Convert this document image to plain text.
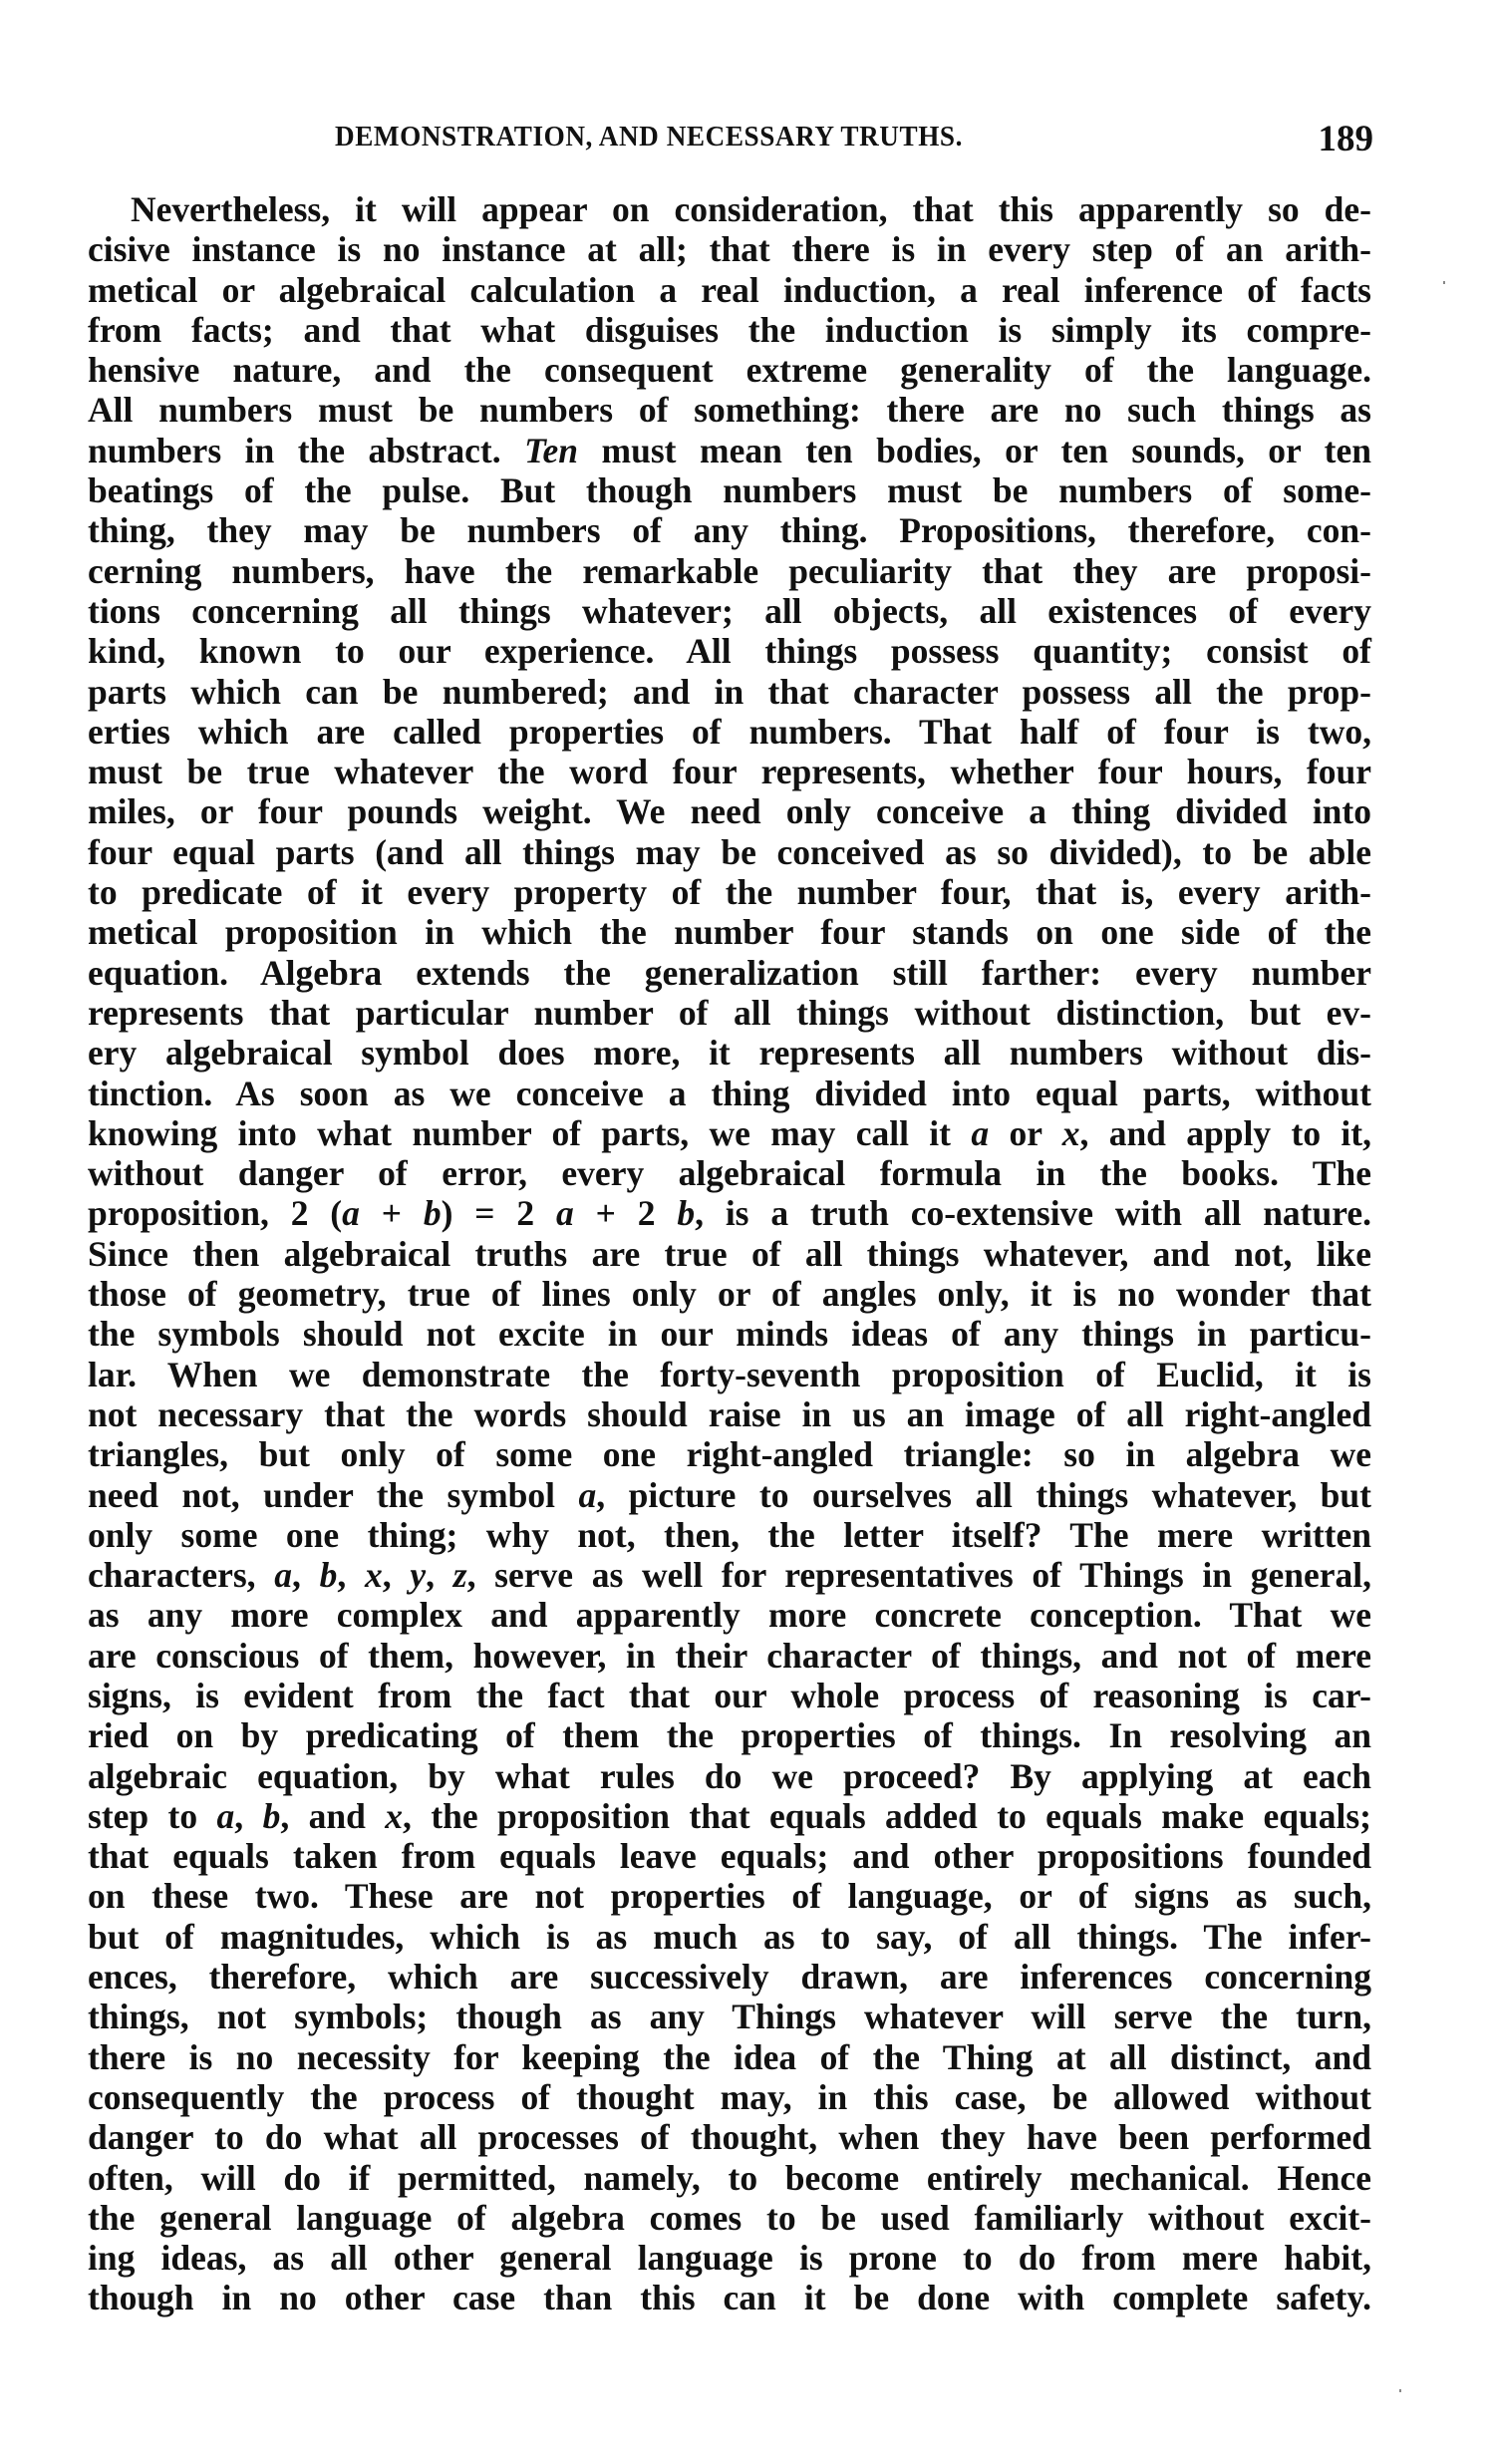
DEMONSTRATION, AND NECESSARY TRUTHS.	189
Nevertheless, it will appear on consideration, that this apparently so de-
cisive instance is no instance at all; that there is in every step of an arith-
metical or algebraical calculation a real induction, a real inference of facts
from facts; and that what disguises the induction is simply its compre-
hensive nature, and the consequent extreme generality of the language.
All numbers must be numbers of something: there are no such things as
numbers in the abstract. Ten must mean ten bodies, or ten sounds, or ten
beatings of the pulse. But though numbers must be numbers of some-
thing, they may be numbers of any thing. Propositions, therefore, con-
cerning numbers, have the remarkable peculiarity that they are proposi-
tions concerning all things whatever; all objects, all existences of every
kind, known to our experience. All things possess quantity; consist of
parts which can be numbered; and in that character possess all the prop-
erties which are called properties of numbers. That half of four is two,
must be true whatever the word four represents, whether four hours, four
miles, or four pounds weight. We need only conceive a thing divided into
four equal parts (and all things may be conceived as so divided), to be able
to predicate of it every property of the number four, that is, every arith-
metical proposition in which the number four stands on one side of the
equation. Algebra extends the generalization still farther: every number
represents that particular number of all things without distinction, but ev-
ery algebraical symbol does more, it represents all numbers without dis-
tinction. As soon as we conceive a thing divided into equal parts, without
knowing into what number of parts, we may call it a or x, and apply to it,
without danger of error, every algebraical formula in the books. The
proposition, 2 (a + b) = 2 a + 2 b, is a truth co-extensive with all nature.
Since then algebraical truths are true of all things whatever, and not, like
those of geometry, true of lines only or of angles only, it is no wonder that
the symbols should not excite in our minds ideas of any things in particu-
lar. When we demonstrate the forty-seventh proposition of Euclid, it is
not necessary that the words should raise in us an image of all right-angled
triangles, but only of some one right-angled triangle: so in algebra we
need not, under the symbol a, picture to ourselves all things whatever, but
only some one thing; why not, then, the letter itself? The mere written
characters, a, b, x, y, z, serve as well for representatives of Things in general,
as any more complex and apparently more concrete conception. That we
are conscious of them, however, in their character of things, and not of mere
signs, is evident from the fact that our whole process of reasoning is car-
ried on by predicating of them the properties of things. In resolving an
algebraic equation, by what rules do we proceed? By applying at each
step to a, b, and x, the proposition that equals added to equals make equals;
that equals taken from equals leave equals; and other propositions founded
on these two. These are not properties of language, or of signs as such,
but of magnitudes, which is as much as to say, of all things. The infer-
ences, therefore, which are successively drawn, are inferences concerning
things, not symbols; though as any Things whatever will serve the turn,
there is no necessity for keeping the idea of the Thing at all distinct, and
consequently the process of thought may, in this case, be allowed without
danger to do what all processes of thought, when they have been performed
often, will do if permitted, namely, to become entirely mechanical. Hence
the general language of algebra comes to be used familiarly without excit-
ing ideas, as all other general language is prone to do from mere habit,
though in no other case than this can it be done with complete safety.
